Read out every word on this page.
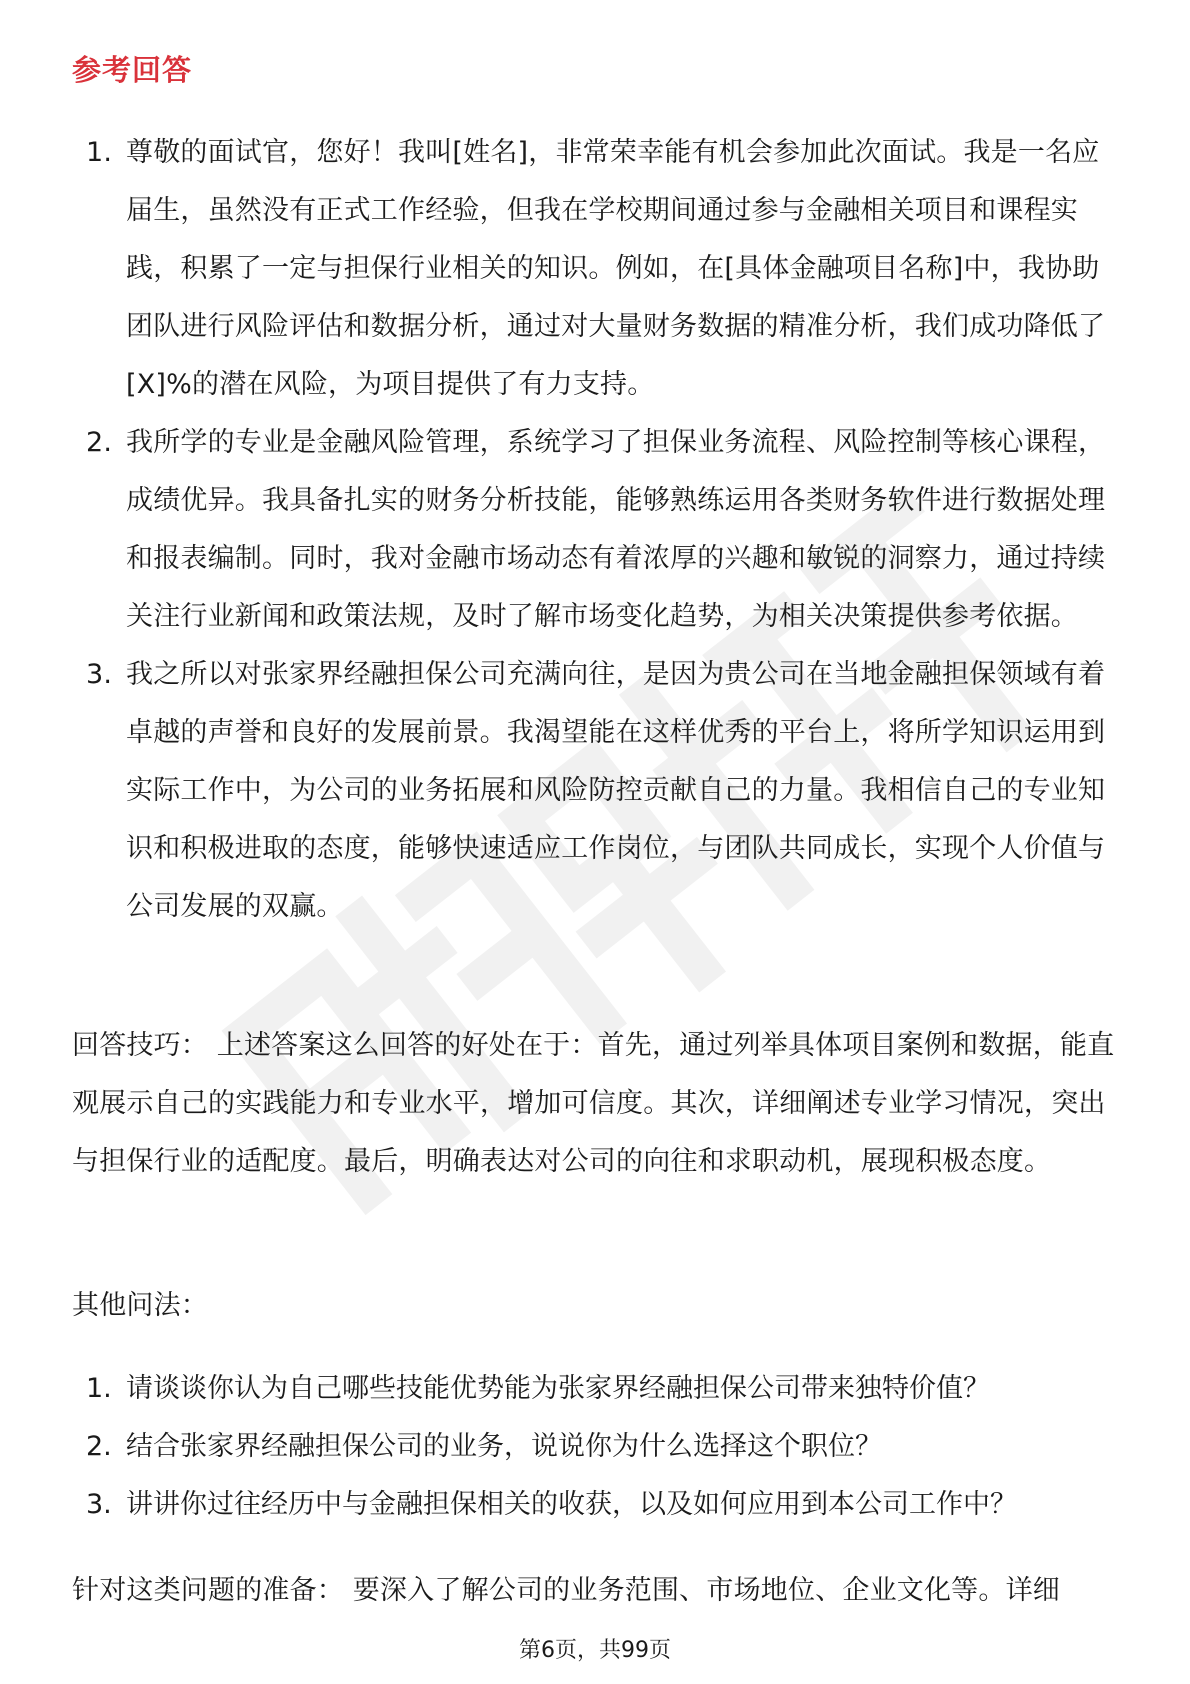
参考回答
1. 尊敬的面试官，您好！我叫[姓名]，非常荣幸能有机会参加此次面试。我是一名应届生，虽然没有正式工作经验，但我在学校期间通过参与金融相关项目和课程实践，积累了一定与担保行业相关的知识。例如，在[具体金融项目名称]中，我协助团队进行风险评估和数据分析，通过对大量财务数据的精准分析，我们成功降低了[X]%的潜在风险，为项目提供了有力支持。
2. 我所学的专业是金融风险管理，系统学习了担保业务流程、风险控制等核心课程，成绩优异。我具备扎实的财务分析技能，能够熟练运用各类财务软件进行数据处理和报表编制。同时，我对金融市场动态有着浓厚的兴趣和敏锐的洞察力，通过持续关注行业新闻和政策法规，及时了解市场变化趋势，为相关决策提供参考依据。
3. 我之所以对张家界经融担保公司充满向往，是因为贵公司在当地金融担保领域有着卓越的声誉和良好的发展前景。我渴望能在这样优秀的平台上，将所学知识运用到实际工作中，为公司的业务拓展和风险防控贡献自己的力量。我相信自己的专业知识和积极进取的态度，能够快速适应工作岗位，与团队共同成长，实现个人价值与公司发展的双赢。
回答技巧： 上述答案这么回答的好处在于：首先，通过列举具体项目案例和数据，能直观展示自己的实践能力和专业水平，增加可信度。其次，详细阐述专业学习情况，突出与担保行业的适配度。最后，明确表达对公司的向往和求职动机，展现积极态度。
其他问法：
1. 请谈谈你认为自己哪些技能优势能为张家界经融担保公司带来独特价值？
2. 结合张家界经融担保公司的业务，说说你为什么选择这个职位？
3. 讲讲你过往经历中与金融担保相关的收获，以及如何应用到本公司工作中？
针对这类问题的准备： 要深入了解公司的业务范围、市场地位、企业文化等。详细
第6页，共99页
